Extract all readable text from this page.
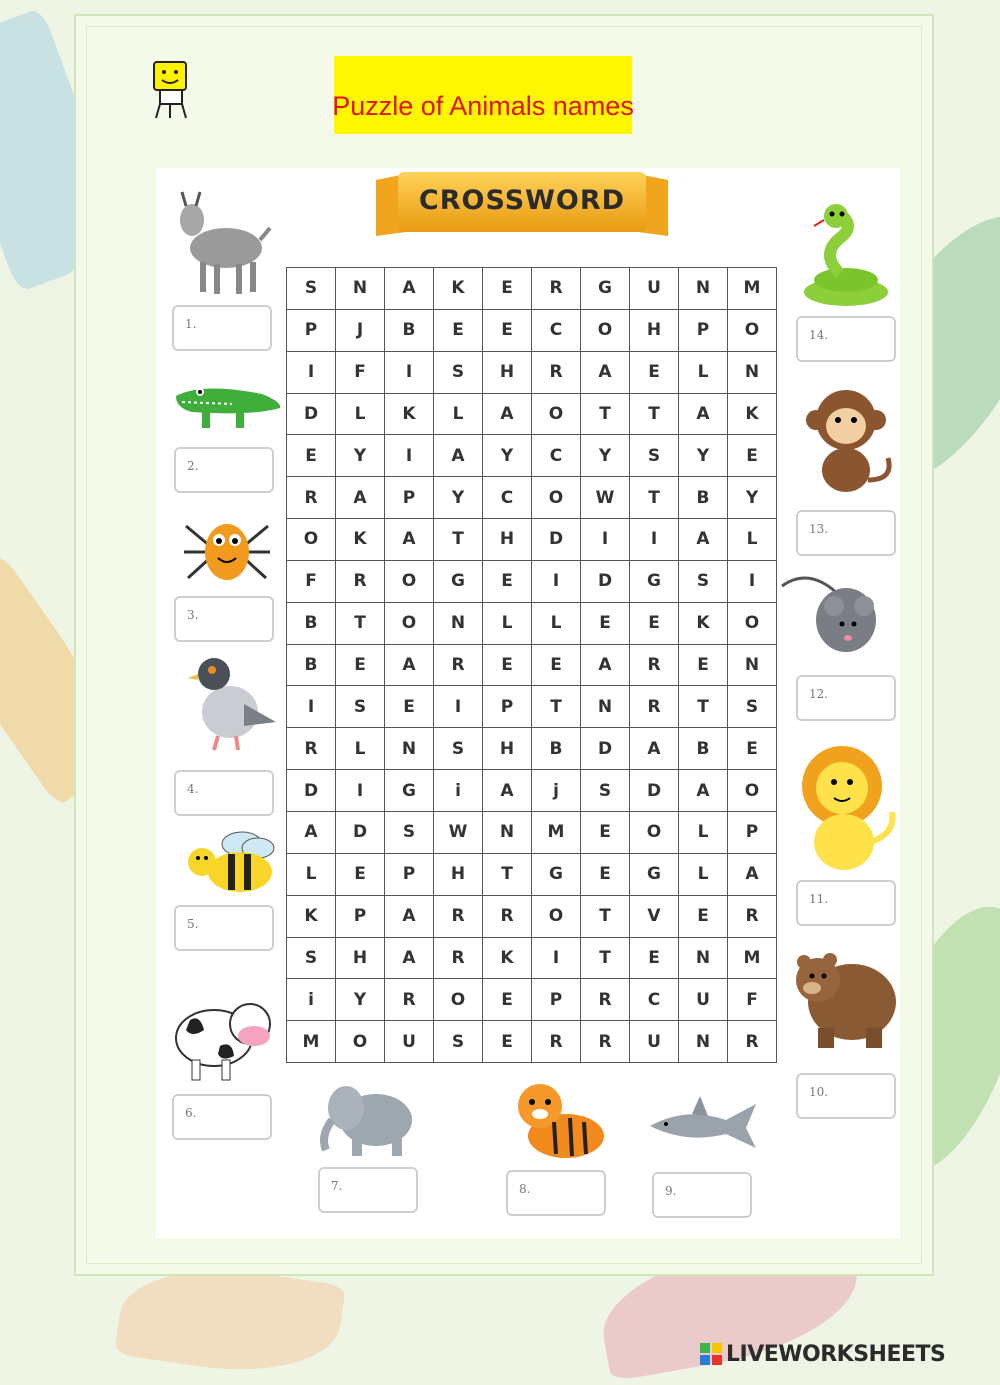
Puzzle of Animals names
CROSSWORD
S	N	A	K	E	R	G	U	N	M
P	J	B	E	E	C	O	H	P	O
I	F	I	S	H	R	A	E	L	N
D	L	K	L	A	O	T	T	A	K
E	Y	I	A	Y	C	Y	S	Y	E
R	A	P	Y	C	O	W	T	B	Y
O	K	A	T	H	D	I	I	A	L
F	R	O	G	E	I	D	G	S	I
B	T	O	N	L	L	E	E	K	O
B	E	A	R	E	E	A	R	E	N
I	S	E	I	P	T	N	R	T	S
R	L	N	S	H	B	D	A	B	E
D	I	G	i	A	j	S	D	A	O
A	D	S	W	N	M	E	O	L	P
L	E	P	H	T	G	E	G	L	A
K	P	A	R	R	O	T	V	E	R
S	H	A	R	K	I	T	E	N	M
i	Y	R	O	E	P	R	C	U	F
M	O	U	S	E	R	R	U	N	R
1.
2.
3.
4.
5.
6.
7.	8.	9.
10.
11.
12.
13.
14.
LIVEWORKSHEETS
